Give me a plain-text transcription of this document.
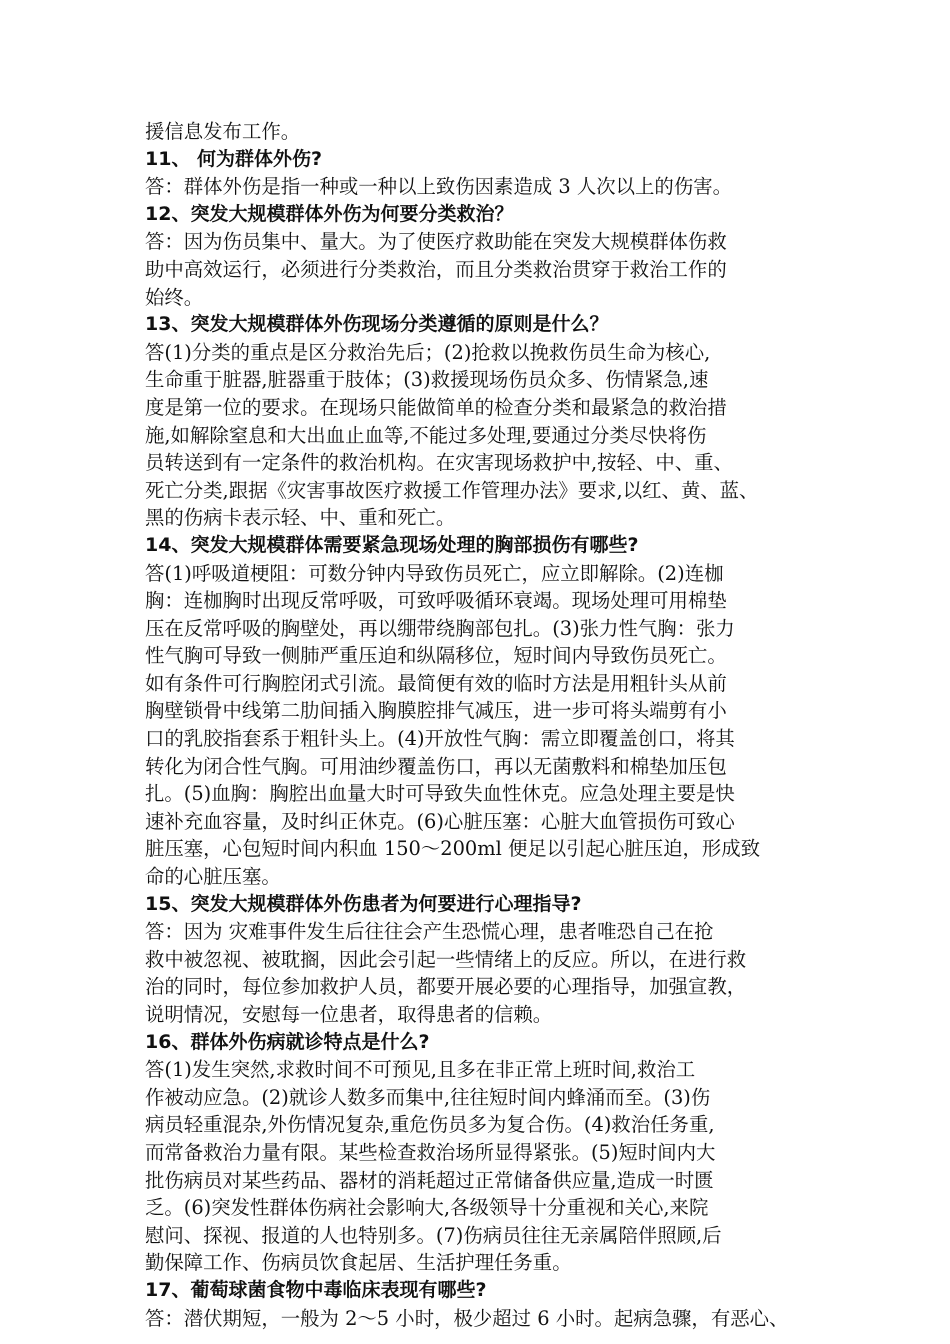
援信息发布工作。
11、 何为群体外伤?
答：群体外伤是指一种或一种以上致伤因素造成 3 人次以上的伤害。
12、突发大规模群体外伤为何要分类救治？
答：因为伤员集中、量大。为了使医疗救助能在突发大规模群体伤救
助中高效运行，必须进行分类救治，而且分类救治贯穿于救治工作的
始终。
13、突发大规模群体外伤现场分类遵循的原则是什么？
答(1)分类的重点是区分救治先后；(2)抢救以挽救伤员生命为核心,
生命重于脏器,脏器重于肢体；(3)救援现场伤员众多、伤情紧急,速
度是第一位的要求。在现场只能做简单的检查分类和最紧急的救治措
施,如解除窒息和大出血止血等,不能过多处理,要通过分类尽快将伤
员转送到有一定条件的救治机构。在灾害现场救护中,按轻、中、重、
死亡分类,跟据《灾害事故医疗救援工作管理办法》要求,以红、黄、蓝、
黑的伤病卡表示轻、中、重和死亡。
14、突发大规模群体需要紧急现场处理的胸部损伤有哪些?
答(1)呼吸道梗阻：可数分钟内导致伤员死亡，应立即解除。(2)连枷
胸：连枷胸时出现反常呼吸，可致呼吸循环衰竭。现场处理可用棉垫
压在反常呼吸的胸壁处，再以绷带绕胸部包扎。(3)张力性气胸：张力
性气胸可导致一侧肺严重压迫和纵隔移位，短时间内导致伤员死亡。
如有条件可行胸腔闭式引流。最简便有效的临时方法是用粗针头从前
胸壁锁骨中线第二肋间插入胸膜腔排气减压，进一步可将头端剪有小
口的乳胶指套系于粗针头上。(4)开放性气胸：需立即覆盖创口，将其
转化为闭合性气胸。可用油纱覆盖伤口，再以无菌敷料和棉垫加压包
扎。(5)血胸：胸腔出血量大时可导致失血性休克。应急处理主要是快
速补充血容量，及时纠正休克。(6)心脏压塞：心脏大血管损伤可致心
脏压塞，心包短时间内积血 150～200ml 便足以引起心脏压迫，形成致
命的心脏压塞。
15、突发大规模群体外伤患者为何要进行心理指导?
答：因为 灾难事件发生后往往会产生恐慌心理，患者唯恐自己在抢
救中被忽视、被耽搁，因此会引起一些情绪上的反应。所以，在进行救
治的同时，每位参加救护人员，都要开展必要的心理指导，加强宣教，
说明情况，安慰每一位患者，取得患者的信赖。
16、群体外伤病就诊特点是什么?
答(1)发生突然,求救时间不可预见,且多在非正常上班时间,救治工
作被动应急。(2)就诊人数多而集中,往往短时间内蜂涌而至。(3)伤
病员轻重混杂,外伤情况复杂,重危伤员多为复合伤。(4)救治任务重,
而常备救治力量有限。某些检查救治场所显得紧张。(5)短时间内大
批伤病员对某些药品、器材的消耗超过正常储备供应量,造成一时匮
乏。(6)突发性群体伤病社会影响大,各级领导十分重视和关心,来院
慰问、探视、报道的人也特别多。(7)伤病员往往无亲属陪伴照顾,后
勤保障工作、伤病员饮食起居、生活护理任务重。
17、葡萄球菌食物中毒临床表现有哪些?
答：潜伏期短，一般为 2～5 小时，极少超过 6 小时。起病急骤，有恶心、
